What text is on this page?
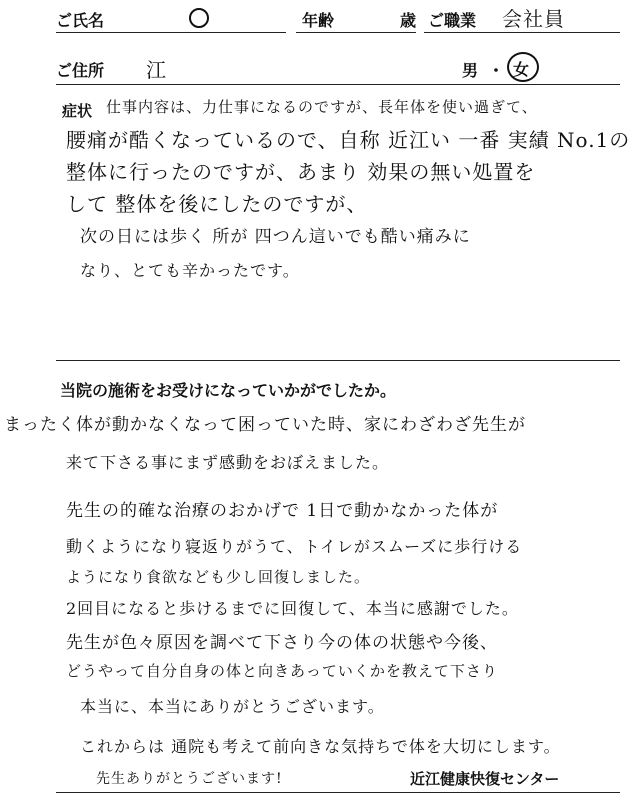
ご氏名	年齢	歳 ご職業 会社員
ご住所 江	男 ・ 女
症状 仕事内容は、力仕事になるのですが、長年体を使い過ぎて、
腰痛が酷くなっているので、自称 近江い 一番 実績 No.1の
整体に行ったのですが、あまり 効果の無い処置を
して 整体を後にしたのですが、
次の日には歩く 所が 四つん這いでも酷い痛みに
なり、とても辛かったです。
当院の施術をお受けになっていかがでしたか。
まったく体が動かなくなって困っていた時、家にわざわざ先生が
来て下さる事にまず感動をおぼえました。
先生の的確な治療のおかげで 1日で動かなかった体が
動くようになり寝返りがうて、トイレがスムーズに歩行ける
ようになり食欲なども少し回復しました。
2回目になると歩けるまでに回復して、本当に感謝でした。
先生が色々原因を調べて下さり今の体の状態や今後、
どうやって自分自身の体と向きあっていくかを教えて下さり
本当に、本当にありがとうございます。
これからは 通院も考えて前向きな気持ちで体を大切にします。
先生ありがとうございます!	近江健康快復センター
